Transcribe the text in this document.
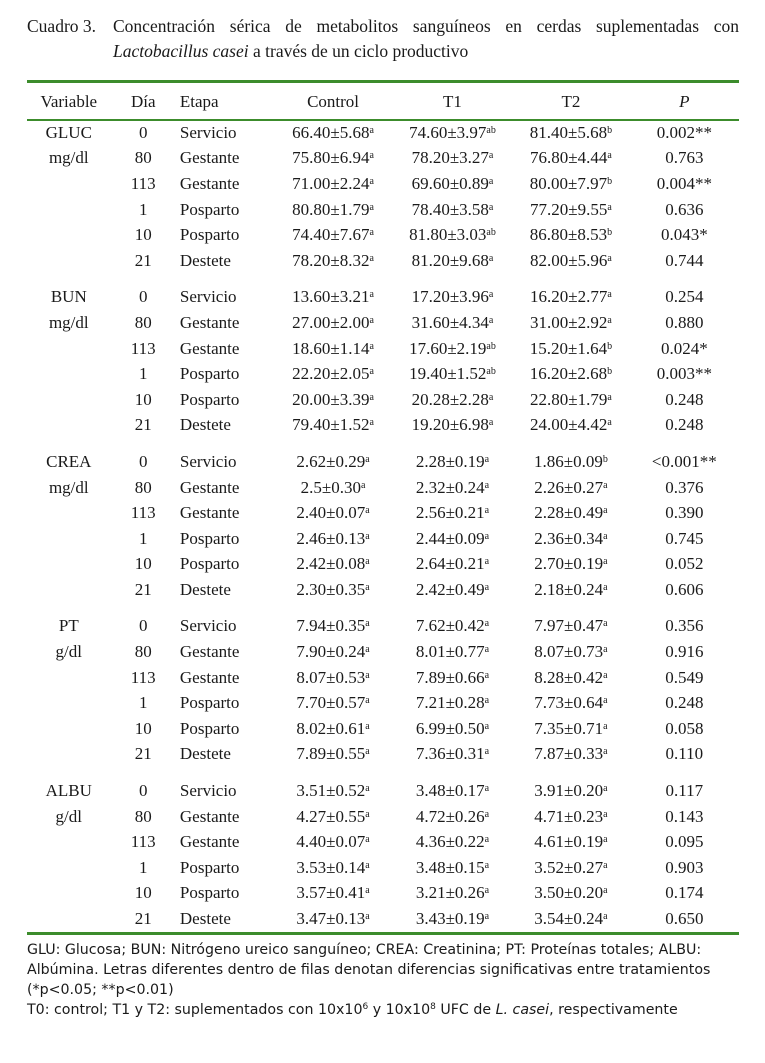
Cuadro 3. Concentración sérica de metabolitos sanguíneos en cerdas suplementadas con Lactobacillus casei a través de un ciclo productivo
Variable	Día	Etapa	Control	T1	T2	P
GLUC	0	Servicio	66.40±5.68$^a$	74.60±3.97$^{ab}$	81.40±5.68$^b$	0.002**
mg/dl	80	Gestante	75.80±6.94$^a$	78.20±3.27$^a$	76.80±4.44$^a$	0.763
	113	Gestante	71.00±2.24$^a$	69.60±0.89$^a$	80.00±7.97$^b$	0.004**
	1	Posparto	80.80±1.79$^a$	78.40±3.58$^a$	77.20±9.55$^a$	0.636
	10	Posparto	74.40±7.67$^a$	81.80±3.03$^{ab}$	86.80±8.53$^b$	0.043*
	21	Destete	78.20±8.32$^a$	81.20±9.68$^a$	82.00±5.96$^a$	0.744

BUN	0	Servicio	13.60±3.21$^a$	17.20±3.96$^a$	16.20±2.77$^a$	0.254
mg/dl	80	Gestante	27.00±2.00$^a$	31.60±4.34$^a$	31.00±2.92$^a$	0.880
	113	Gestante	18.60±1.14$^a$	17.60±2.19$^{ab}$	15.20±1.64$^b$	0.024*
	1	Posparto	22.20±2.05$^a$	19.40±1.52$^{ab}$	16.20±2.68$^b$	0.003**
	10	Posparto	20.00±3.39$^a$	20.28±2.28$^a$	22.80±1.79$^a$	0.248
	21	Destete	79.40±1.52$^a$	19.20±6.98$^a$	24.00±4.42$^a$	0.248

CREA	0	Servicio	2.62±0.29$^a$	2.28±0.19$^a$	1.86±0.09$^b$	<0.001**
mg/dl	80	Gestante	2.5±0.30$^a$	2.32±0.24$^a$	2.26±0.27$^a$	0.376
	113	Gestante	2.40±0.07$^a$	2.56±0.21$^a$	2.28±0.49$^a$	0.390
	1	Posparto	2.46±0.13$^a$	2.44±0.09$^a$	2.36±0.34$^a$	0.745
	10	Posparto	2.42±0.08$^a$	2.64±0.21$^a$	2.70±0.19$^a$	0.052
	21	Destete	2.30±0.35$^a$	2.42±0.49$^a$	2.18±0.24$^a$	0.606

PT	0	Servicio	7.94±0.35$^a$	7.62±0.42$^a$	7.97±0.47$^a$	0.356
g/dl	80	Gestante	7.90±0.24$^a$	8.01±0.77$^a$	8.07±0.73$^a$	0.916
	113	Gestante	8.07±0.53$^a$	7.89±0.66$^a$	8.28±0.42$^a$	0.549
	1	Posparto	7.70±0.57$^a$	7.21±0.28$^a$	7.73±0.64$^a$	0.248
	10	Posparto	8.02±0.61$^a$	6.99±0.50$^a$	7.35±0.71$^a$	0.058
	21	Destete	7.89±0.55$^a$	7.36±0.31$^a$	7.87±0.33$^a$	0.110

ALBU	0	Servicio	3.51±0.52$^a$	3.48±0.17$^a$	3.91±0.20$^a$	0.117
g/dl	80	Gestante	4.27±0.55$^a$	4.72±0.26$^a$	4.71±0.23$^a$	0.143
	113	Gestante	4.40±0.07$^a$	4.36±0.22$^a$	4.61±0.19$^a$	0.095
	1	Posparto	3.53±0.14$^a$	3.48±0.15$^a$	3.52±0.27$^a$	0.903
	10	Posparto	3.57±0.41$^a$	3.21±0.26$^a$	3.50±0.20$^a$	0.174
	21	Destete	3.47±0.13$^a$	3.43±0.19$^a$	3.54±0.24$^a$	0.650

GLU: Glucosa; BUN: Nitrógeno ureico sanguíneo; CREA: Creatinina; PT: Proteínas totales; ALBU: Albúmina. Letras diferentes dentro de filas denotan diferencias significativas entre tratamientos (*p<0.05; **p<0.01)

T0: control; T1 y T2: suplementados con $10x10^6$ y $10x10^8$ UFC de L. casei, respectivamente
